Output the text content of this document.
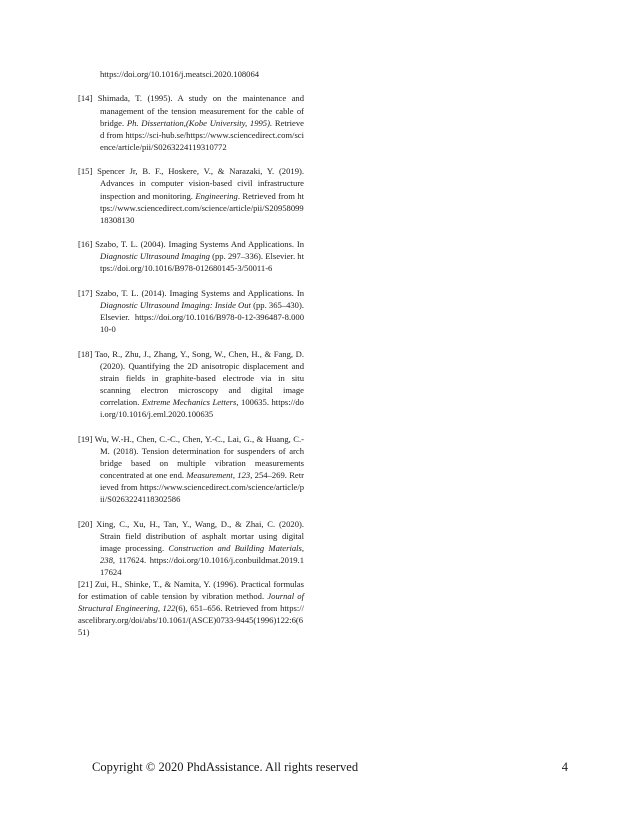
https://doi.org/10.1016/j.meatsci.2020.108064

[14] Shimada, T. (1995). A study on the maintenance and management of the tension measurement for the cable of bridge. Ph. Dissertation,(Kobe University, 1995). Retrieved from https://sci-hub.se/https://www.sciencedirect.com/science/article/pii/S0263224119310772

[15] Spencer Jr, B. F., Hoskere, V., & Narazaki, Y. (2019). Advances in computer vision-based civil infrastructure inspection and monitoring. Engineering. Retrieved from https://www.sciencedirect.com/science/article/pii/S2095809918308130

[16] Szabo, T. L. (2004). Imaging Systems And Applications. In Diagnostic Ultrasound Imaging (pp. 297–336). Elsevier. https://doi.org/10.1016/B978-012680145-3/50011-6

[17] Szabo, T. L. (2014). Imaging Systems and Applications. In Diagnostic Ultrasound Imaging: Inside Out (pp. 365–430). Elsevier. https://doi.org/10.1016/B978-0-12-396487-8.00010-0

[18] Tao, R., Zhu, J., Zhang, Y., Song, W., Chen, H., & Fang, D. (2020). Quantifying the 2D anisotropic displacement and strain fields in graphite-based electrode via in situ scanning electron microscopy and digital image correlation. Extreme Mechanics Letters, 100635. https://doi.org/10.1016/j.eml.2020.100635

[19] Wu, W.-H., Chen, C.-C., Chen, Y.-C., Lai, G., & Huang, C.-M. (2018). Tension determination for suspenders of arch bridge based on multiple vibration measurements concentrated at one end. Measurement, 123, 254–269. Retrieved from https://www.sciencedirect.com/science/article/pii/S0263224118302586

[20] Xing, C., Xu, H., Tan, Y., Wang, D., & Zhai, C. (2020). Strain field distribution of asphalt mortar using digital image processing. Construction and Building Materials, 238, 117624. https://doi.org/10.1016/j.conbuildmat.2019.117624

[21] Zui, H., Shinke, T., & Namita, Y. (1996). Practical formulas for estimation of cable tension by vibration method. Journal of Structural Engineering, 122(6), 651–656. Retrieved from https://ascelibrary.org/doi/abs/10.1061/(ASCE)0733-9445(1996)122:6(651)

Copyright © 2020 PhdAssistance. All rights reserved	4
